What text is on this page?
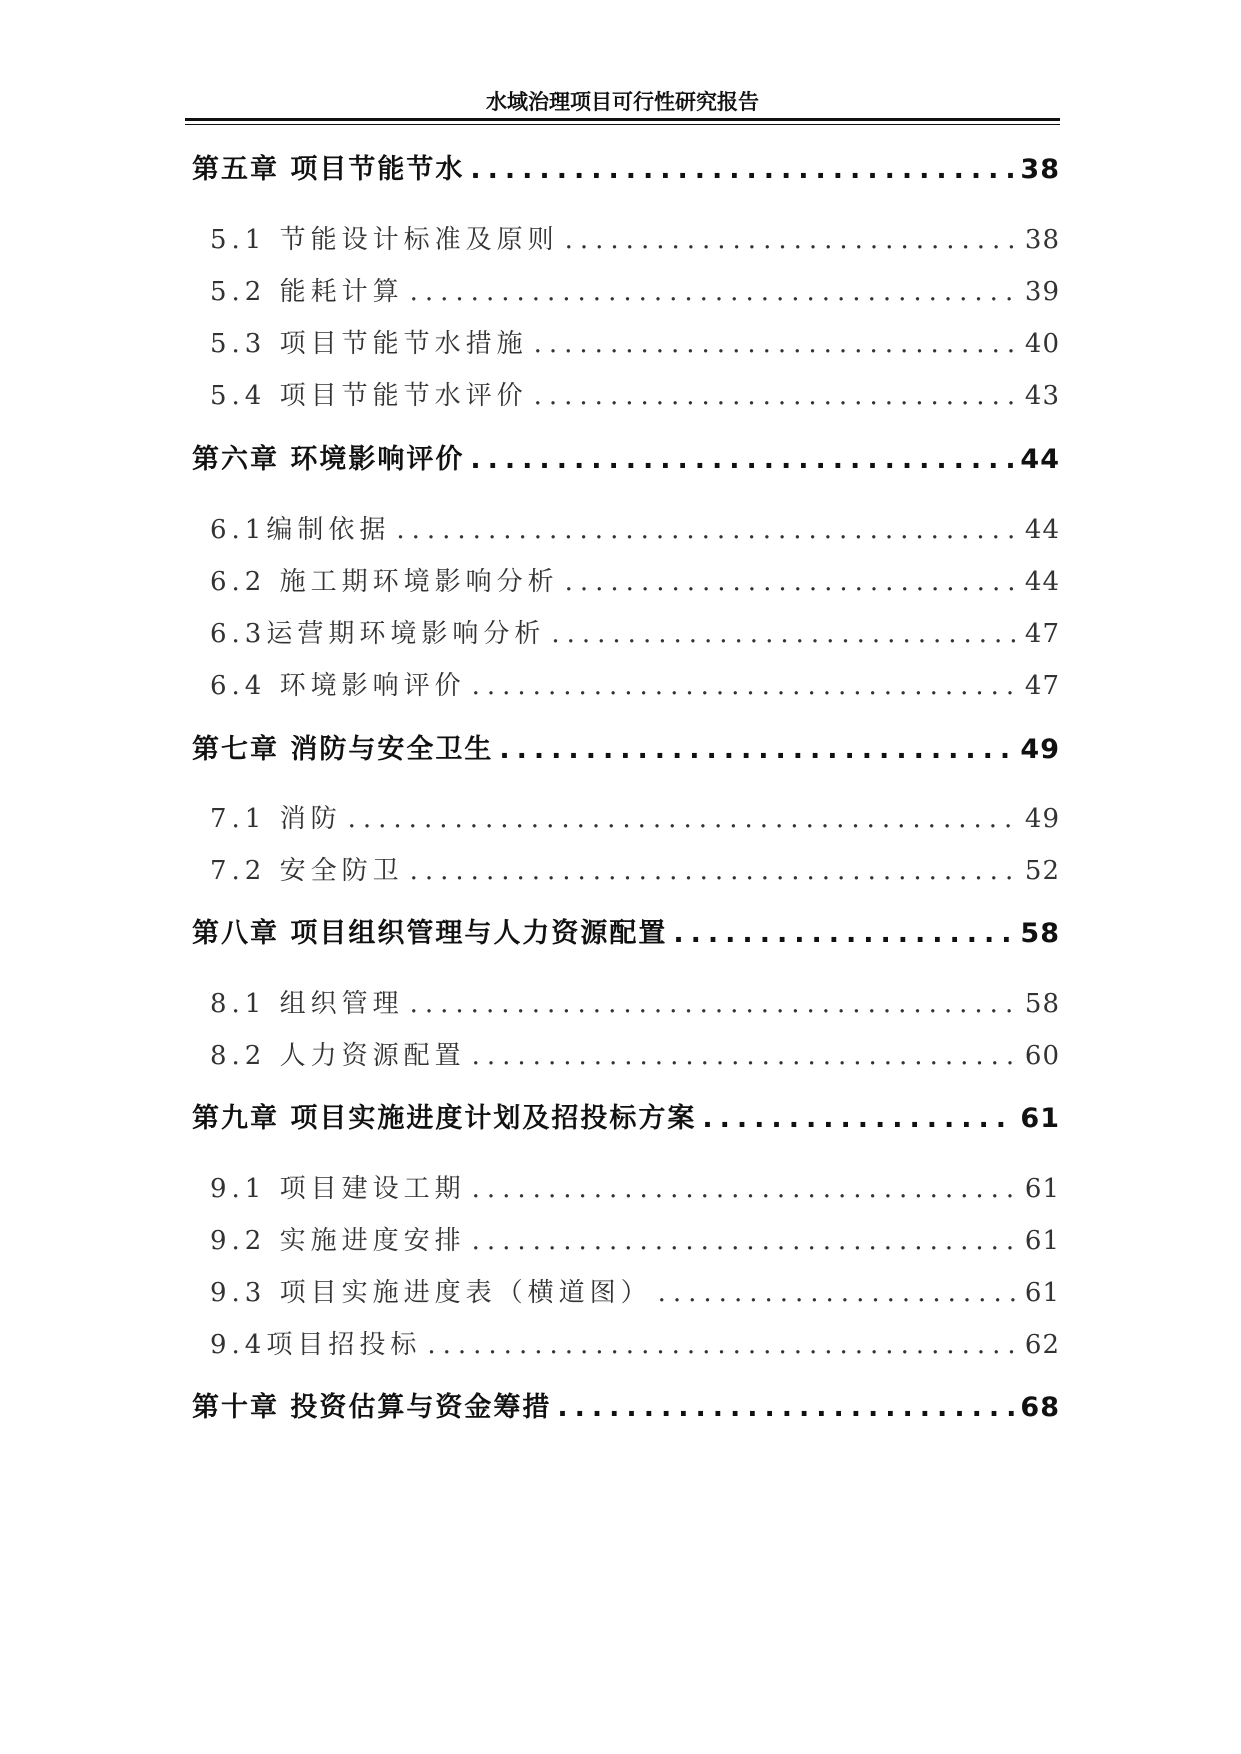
水域治理项目可行性研究报告
第五章 项目节能节水 .....	38
5.1 节能设计标准及原则 .....	38
5.2 能耗计算 .....	39
5.3 项目节能节水措施 .....	40
5.4 项目节能节水评价 .....	43
第六章 环境影响评价 .....	44
6.1编制依据 .....	44
6.2 施工期环境影响分析 .....	44
6.3运营期环境影响分析 .....	47
6.4 环境影响评价 .....	47
第七章 消防与安全卫生 .....	49
7.1 消防 .....	49
7.2 安全防卫 .....	52
第八章 项目组织管理与人力资源配置 .....	58
8.1 组织管理 .....	58
8.2 人力资源配置 .....	60
第九章 项目实施进度计划及招投标方案 .....	61
9.1 项目建设工期 .....	61
9.2 实施进度安排 .....	61
9.3 项目实施进度表（横道图） .....	61
9.4项目招投标 .....	62
第十章 投资估算与资金筹措 .....	68
